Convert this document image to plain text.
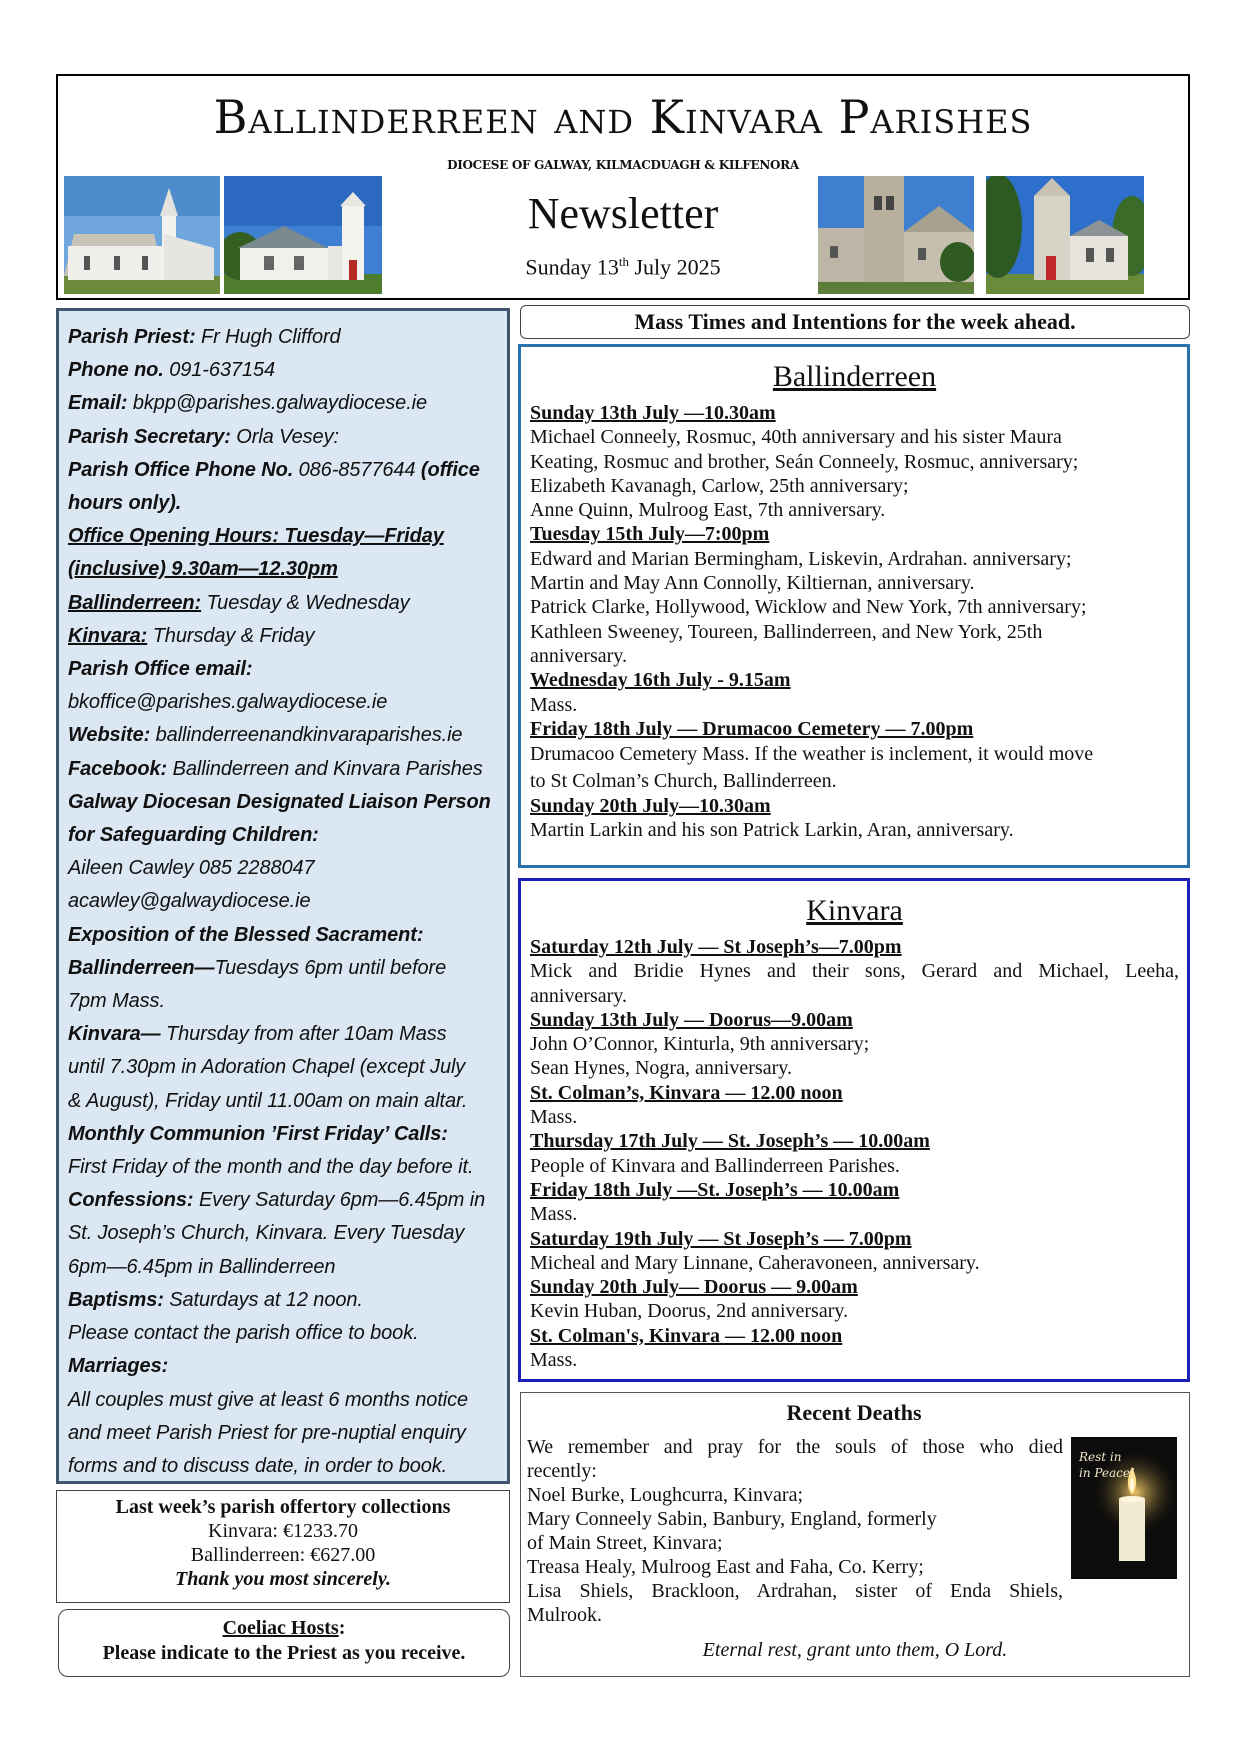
Ballinderreen and Kinvara Parishes
DIOCESE OF GALWAY, KILMACDUAGH & KILFENORA
Newsletter
Sunday 13th July 2025

Parish Priest: Fr Hugh Clifford

Phone no. 091-637154

Email: bkpp@parishes.galwaydiocese.ie

Parish Secretary: Orla Vesey:

Parish Office Phone No. 086-8577644 (office

hours only).

Office Opening Hours: Tuesday—Friday

(inclusive) 9.30am—12.30pm

Ballinderreen: Tuesday & Wednesday

Kinvara: Thursday & Friday

Parish Office email:

bkoffice@parishes.galwaydiocese.ie

Website: ballinderreenandkinvaraparishes.ie

Facebook: Ballinderreen and Kinvara Parishes

Galway Diocesan Designated Liaison Person

for Safeguarding Children:

Aileen Cawley 085 2288047

acawley@galwaydiocese.ie

Exposition of the Blessed Sacrament:

Ballinderreen—Tuesdays 6pm until before

7pm Mass.

Kinvara— Thursday from after 10am Mass

until 7.30pm in Adoration Chapel (except July

& August), Friday until 11.00am on main altar.

Monthly Communion ’First Friday’ Calls:

First Friday of the month and the day before it.

Confessions: Every Saturday 6pm—6.45pm in

St. Joseph’s Church, Kinvara. Every Tuesday

6pm—6.45pm in Ballinderreen

Baptisms: Saturdays at 12 noon.

Please contact the parish office to book.

Marriages:

All couples must give at least 6 months notice

and meet Parish Priest for pre-nuptial enquiry

forms and to discuss date, in order to book.

Last week’s parish offertory collections
Kinvara: €1233.70
Ballinderreen: €627.00
Thank you most sincerely.
Coeliac Hosts:
Please indicate to the Priest as you receive.
Mass Times and Intentions for the week ahead.
Ballinderreen
Sunday 13th July —10.30am
Michael Conneely, Rosmuc, 40th anniversary and his sister Maura
Keating, Rosmuc and brother, Seán Conneely, Rosmuc, anniversary;
Elizabeth Kavanagh, Carlow, 25th anniversary;
Anne Quinn, Mulroog East, 7th anniversary.
Tuesday 15th July—7:00pm
Edward and Marian Bermingham, Liskevin, Ardrahan. anniversary;
Martin and May Ann Connolly, Kiltiernan, anniversary.
Patrick Clarke, Hollywood, Wicklow and New York, 7th anniversary;
Kathleen Sweeney, Toureen, Ballinderreen, and New York, 25th
anniversary.
Wednesday 16th July - 9.15am
Mass.
Friday 18th July — Drumacoo Cemetery — 7.00pm
Drumacoo Cemetery Mass. If the weather is inclement, it would move
to St Colman’s Church, Ballinderreen.
Sunday 20th July—10.30am
Martin Larkin and his son Patrick Larkin, Aran, anniversary.
Kinvara
Saturday 12th July — St Joseph’s—7.00pm
Mick and Bridie Hynes and their sons, Gerard and Michael, Leeha,
anniversary.
Sunday 13th July — Doorus—9.00am
John O’Connor, Kinturla, 9th anniversary;
Sean Hynes, Nogra, anniversary.
St. Colman’s, Kinvara — 12.00 noon
Mass.
Thursday 17th July — St. Joseph’s — 10.00am
People of Kinvara and Ballinderreen Parishes.
Friday 18th July —St. Joseph’s — 10.00am
Mass.
Saturday 19th July — St Joseph’s — 7.00pm
Micheal and Mary Linnane, Caheravoneen, anniversary.
Sunday 20th July— Doorus — 9.00am
Kevin Huban, Doorus, 2nd anniversary.
St. Colman's, Kinvara — 12.00 noon
Mass.
Recent Deaths
We remember and pray for the souls of those who died
recently:
Noel Burke, Loughcurra, Kinvara;
Mary Conneely Sabin, Banbury, England, formerly
of Main Street, Kinvara;
Treasa Healy, Mulroog East and Faha, Co. Kerry;
Lisa Shiels, Brackloon, Ardrahan, sister of Enda Shiels,
Mulrook.
Rest in
in Peace!
Eternal rest, grant unto them, O Lord.
